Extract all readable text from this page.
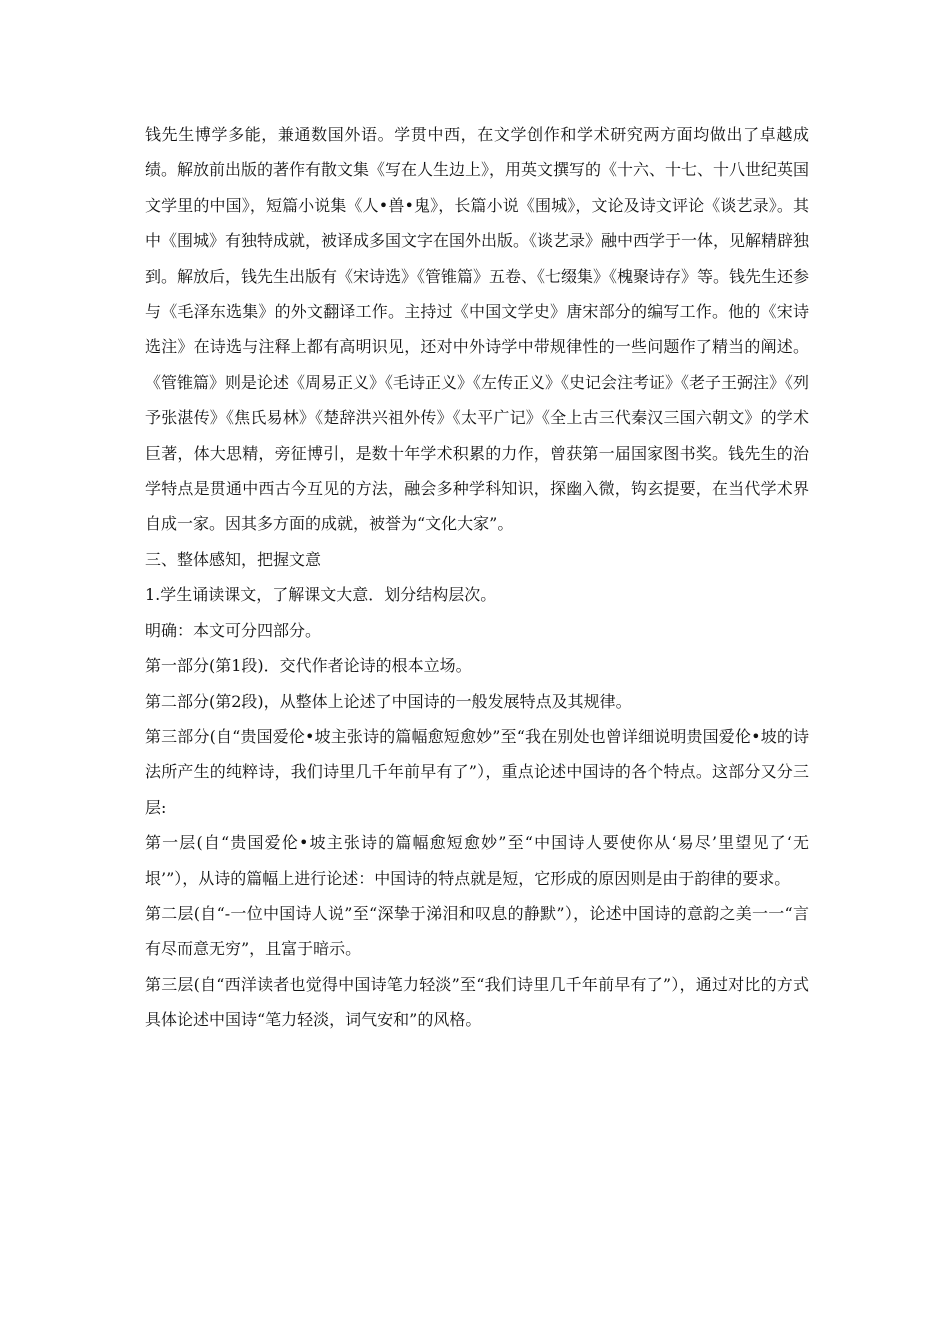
钱先生博学多能，兼通数国外语。学贯中西，在文学创作和学术研究两方面均做出了卓越成绩。解放前出版的著作有散文集《写在人生边上》，用英文撰写的《十六、十七、十八世纪英国文学里的中国》，短篇小说集《人•兽•鬼》，长篇小说《围城》，文论及诗文评论《谈艺录》。其中《围城》有独特成就，被译成多国文字在国外出版。《谈艺录》融中西学于一体，见解精辟独到。解放后，钱先生出版有《宋诗选》《管锥篇》五卷、《七缀集》《槐聚诗存》等。钱先生还参与《毛泽东选集》的外文翻译工作。主持过《中国文学史》唐宋部分的编写工作。他的《宋诗选注》在诗选与注释上都有高明识见，还对中外诗学中带规律性的一些问题作了精当的阐述。《管锥篇》则是论述《周易正义》《毛诗正义》《左传正义》《史记会注考证》《老子王弼注》《列予张湛传》《焦氏易林》《楚辞洪兴祖外传》《太平广记》《全上古三代秦汉三国六朝文》的学术巨著，体大思精，旁征博引，是数十年学术积累的力作，曾获第一届国家图书奖。钱先生的治学特点是贯通中西古今互见的方法，融会多种学科知识，探幽入微，钩玄提要，在当代学术界自成一家。因其多方面的成就，被誉为“文化大家”。

三、整体感知，把握文意

1.学生诵读课文，了解课文大意．划分结构层次。

明确：本文可分四部分。

第一部分(第1段)．交代作者论诗的根本立场。

第二部分(第2段)，从整体上论述了中国诗的一般发展特点及其规律。

第三部分(自“贵国爱伦•坡主张诗的篇幅愈短愈妙”至“我在别处也曾详细说明贵国爱伦•坡的诗法所产生的纯粹诗，我们诗里几千年前早有了”），重点论述中国诗的各个特点。这部分又分三层:

第一层(自“贵国爱伦•坡主张诗的篇幅愈短愈妙”至“中国诗人要使你从‘易尽’里望见了‘无垠’”），从诗的篇幅上进行论述：中国诗的特点就是短，它形成的原因则是由于韵律的要求。

第二层(自“-一位中国诗人说”至“深挚于涕泪和叹息的静默”），论述中国诗的意韵之美一一“言有尽而意无穷”，且富于暗示。

第三层(自“西洋读者也觉得中国诗笔力轻淡”至“我们诗里几千年前早有了”），通过对比的方式具体论述中国诗“笔力轻淡，词气安和”的风格。
